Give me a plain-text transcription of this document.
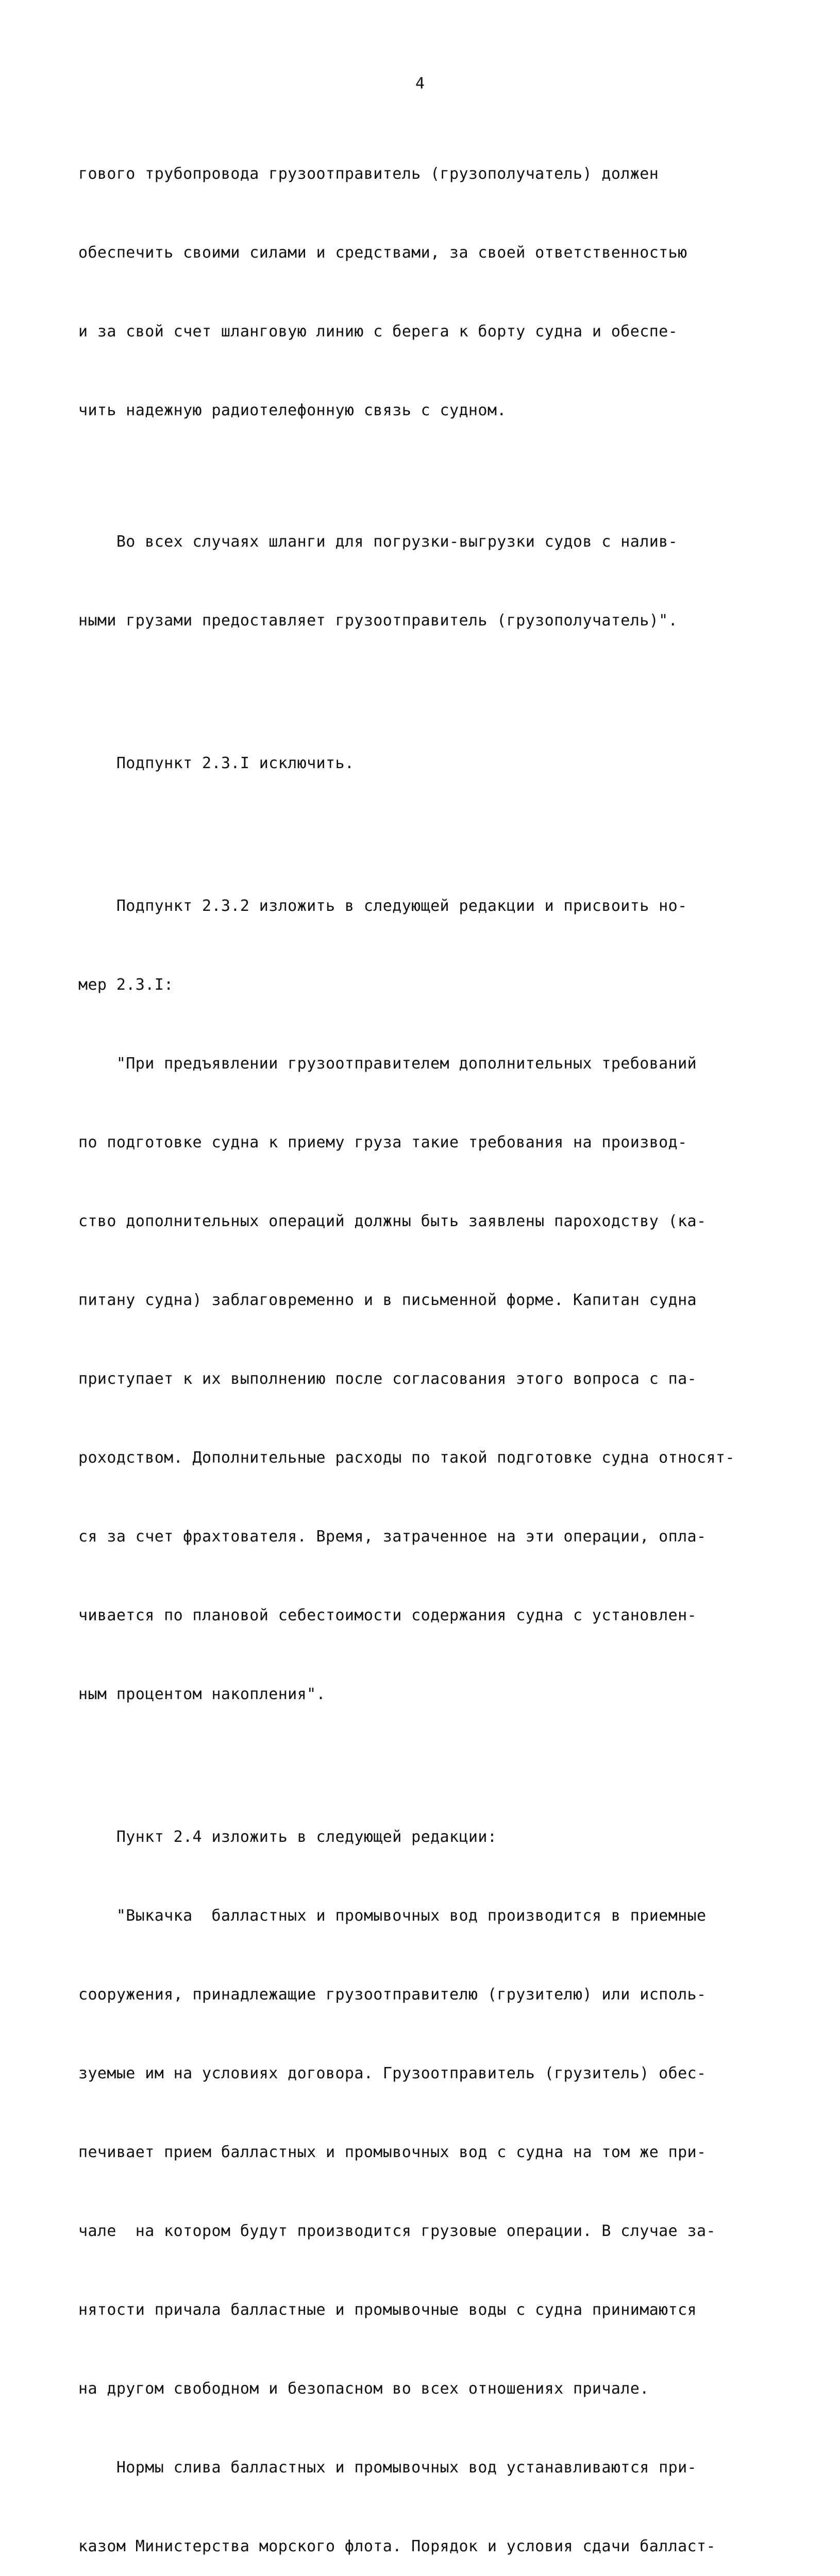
4

гового трубопровода грузоотправитель (грузополучатель) должен

обеспечить своими силами и средствами, за своей ответственностью

и за свой счет шланговую линию с берега к борту судна и обеспе-

чить надежную радиотелефонную связь с судном.

Во всех случаях шланги для погрузки-выгрузки судов с налив-

ными грузами предоставляет грузоотправитель (грузополучатель)".

Подпункт 2.3.I исключить.

Подпункт 2.3.2 изложить в следующей редакции и присвоить но-

мер 2.3.I:

"При предъявлении грузоотправителем дополнительных требований

по подготовке судна к приему груза такие требования на производ-

ство дополнительных операций должны быть заявлены пароходству (ка-

питану судна) заблаговременно и в письменной форме. Капитан судна

приступает к их выполнению после согласования этого вопроса с па-

роходством. Дополнительные расходы по такой подготовке судна относят-

ся за счет фрахтователя. Время, затраченное на эти операции, опла-

чивается по плановой себестоимости содержания судна с установлен-

ным процентом накопления".

Пункт 2.4 изложить в следующей редакции:

"Выкачка  балластных и промывочных вод производится в приемные

сооружения, принадлежащие грузоотправителю (грузителю) или исполь-

зуемые им на условиях договора. Грузоотправитель (грузитель) обес-

печивает прием балластных и промывочных вод с судна на том же при-

чале  на котором будут производится грузовые операции. В случае за-

нятости причала балластные и промывочные воды с судна принимаются

на другом свободном и безопасном во всех отношениях причале.

Нормы слива балластных и промывочных вод устанавливаются при-

казом Министерства морского флота. Порядок и условия сдачи балласт-
